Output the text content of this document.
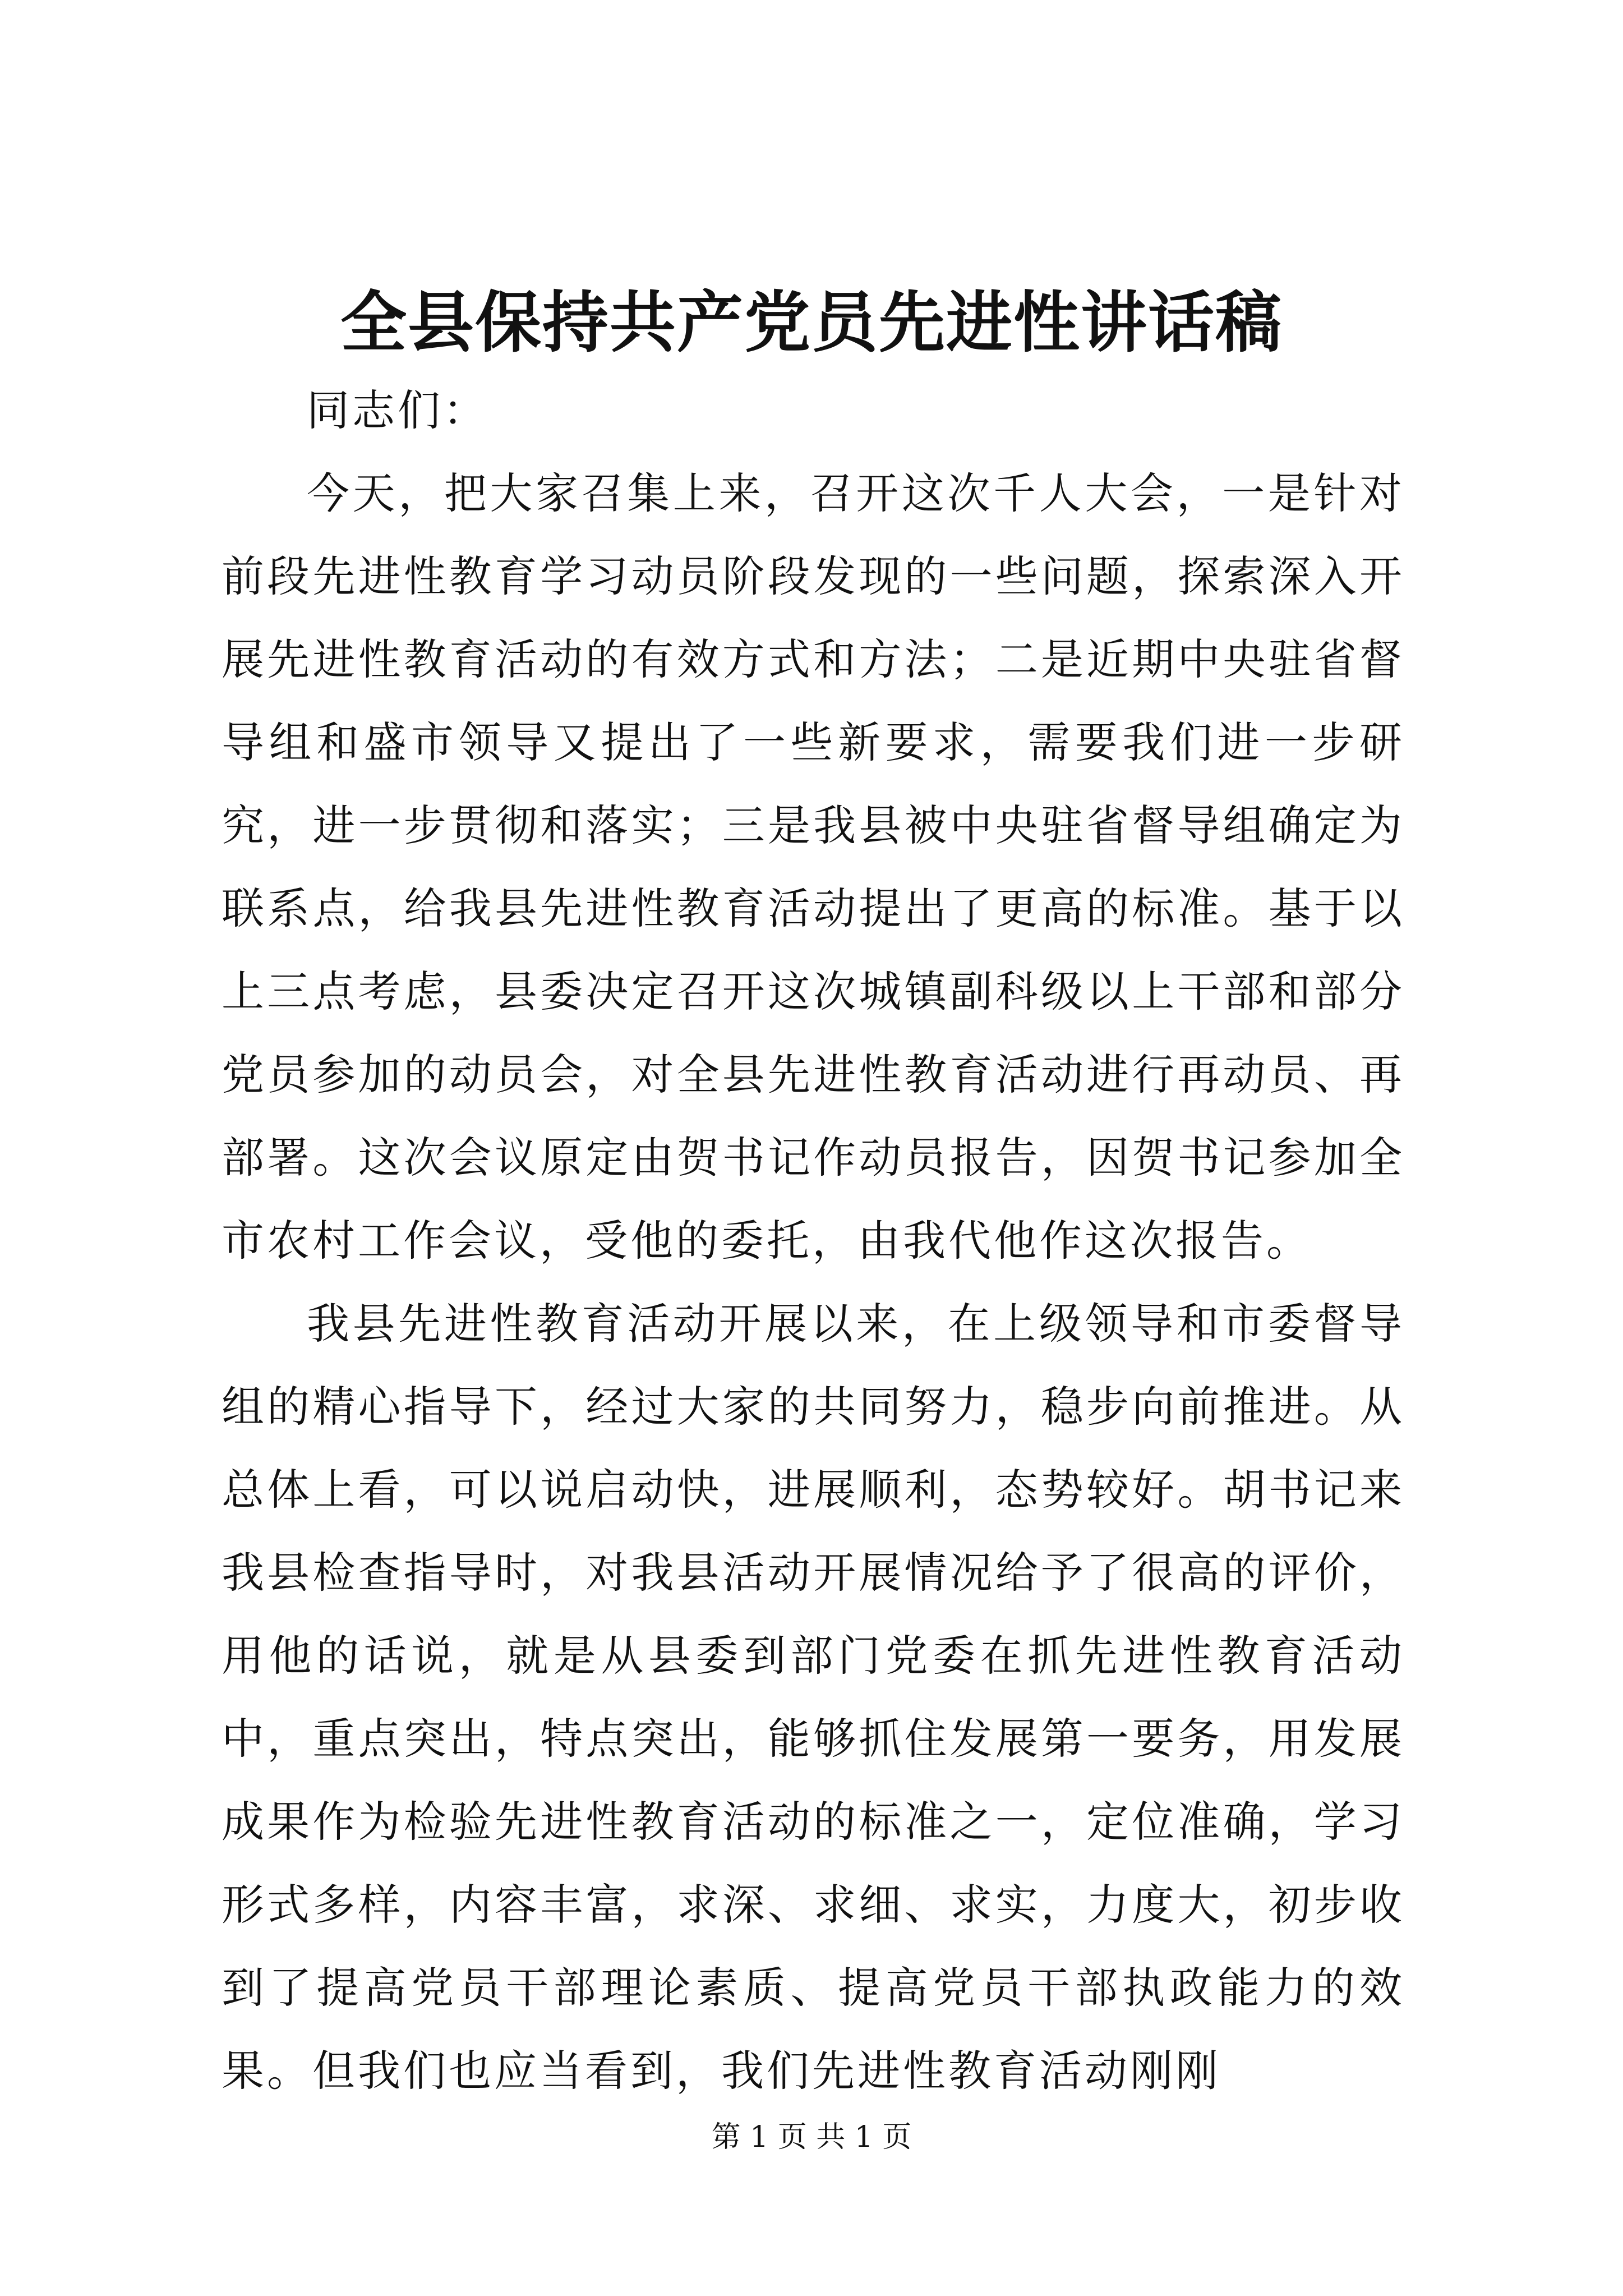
全县保持共产党员先进性讲话稿

同志们：

今天，把大家召集上来，召开这次千人大会，一是针对前段先进性教育学习动员阶段发现的一些问题，探索深入开展先进性教育活动的有效方式和方法；二是近期中央驻省督导组和盛市领导又提出了一些新要求，需要我们进一步研究，进一步贯彻和落实；三是我县被中央驻省督导组确定为联系点，给我县先进性教育活动提出了更高的标准。基于以上三点考虑，县委决定召开这次城镇副科级以上干部和部分党员参加的动员会，对全县先进性教育活动进行再动员、再部署。这次会议原定由贺书记作动员报告，因贺书记参加全市农村工作会议，受他的委托，由我代他作这次报告。

我县先进性教育活动开展以来，在上级领导和市委督导组的精心指导下，经过大家的共同努力，稳步向前推进。从总体上看，可以说启动快，进展顺利，态势较好。胡书记来我县检查指导时，对我县活动开展情况给予了很高的评价，用他的话说，就是从县委到部门党委在抓先进性教育活动中，重点突出，特点突出，能够抓住发展第一要务，用发展成果作为检验先进性教育活动的标准之一，定位准确，学习形式多样，内容丰富，求深、求细、求实，力度大，初步收到了提高党员干部理论素质、提高党员干部执政能力的效果。但我们也应当看到，我们先进性教育活动刚刚

第 1 页 共 1 页
